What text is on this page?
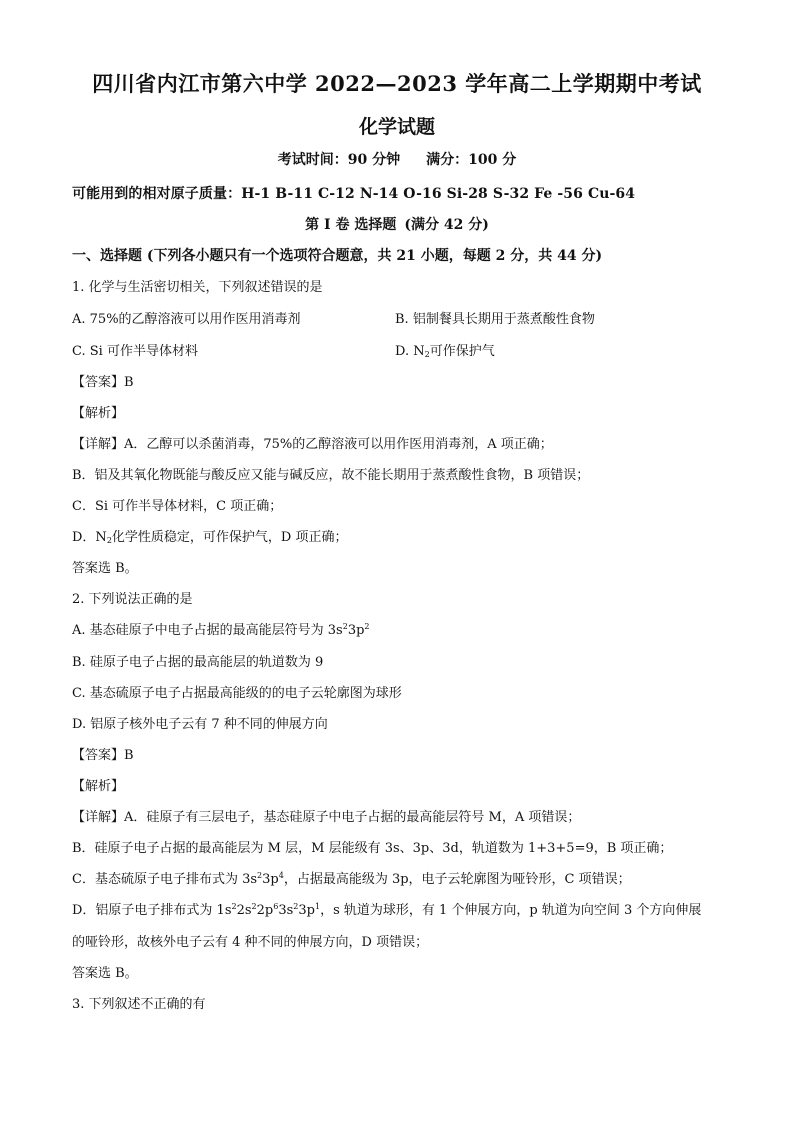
四川省内江市第六中学 2022—2023 学年高二上学期期中考试
化学试题
考试时间：90 分钟 满分：100 分
可能用到的相对原子质量：H-1 B-11 C-12 N-14 O-16 Si-28 S-32 Fe -56 Cu-64
第 I 卷 选择题 (满分 42 分)
一、选择题 (下列各小题只有一个选项符合题意，共 21 小题，每题 2 分，共 44 分)
1. 化学与生活密切相关，下列叙述错误的是
A. 75%的乙醇溶液可以用作医用消毒剂	B. 铝制餐具长期用于蒸煮酸性食物
C. Si 可作半导体材料	D. $N_2$可作保护气
【答案】B
【解析】
【详解】A．乙醇可以杀菌消毒，75%的乙醇溶液可以用作医用消毒剂，A 项正确；
B．铝及其氧化物既能与酸反应又能与碱反应，故不能长期用于蒸煮酸性食物，B 项错误；
C．Si 可作半导体材料，C 项正确；
D．$N_2$化学性质稳定，可作保护气，D 项正确；
答案选 B。
2. 下列说法正确的是
A. 基态硅原子中电子占据的最高能层符号为 $3s^23p^2$
B. 硅原子电子占据的最高能层的轨道数为 9
C. 基态硫原子电子占据最高能级的的电子云轮廓图为球形
D. 铝原子核外电子云有 7 种不同的伸展方向
【答案】B
【解析】
【详解】A．硅原子有三层电子，基态硅原子中电子占据的最高能层符号 M，A 项错误；
B．硅原子电子占据的最高能层为 M 层，M 层能级有 3s、3p、3d，轨道数为 1+3+5=9，B 项正确；
C．基态硫原子电子排布式为 $3s^23p^4$，占据最高能级为 3p，电子云轮廓图为哑铃形，C 项错误；
D．铝原子电子排布式为 $1s^22s^22p^63s^23p^1$，s 轨道为球形，有 1 个伸展方向，p 轨道为向空间 3 个方向伸展
的哑铃形，故核外电子云有 4 种不同的伸展方向，D 项错误；
答案选 B。
3. 下列叙述不正确的有
